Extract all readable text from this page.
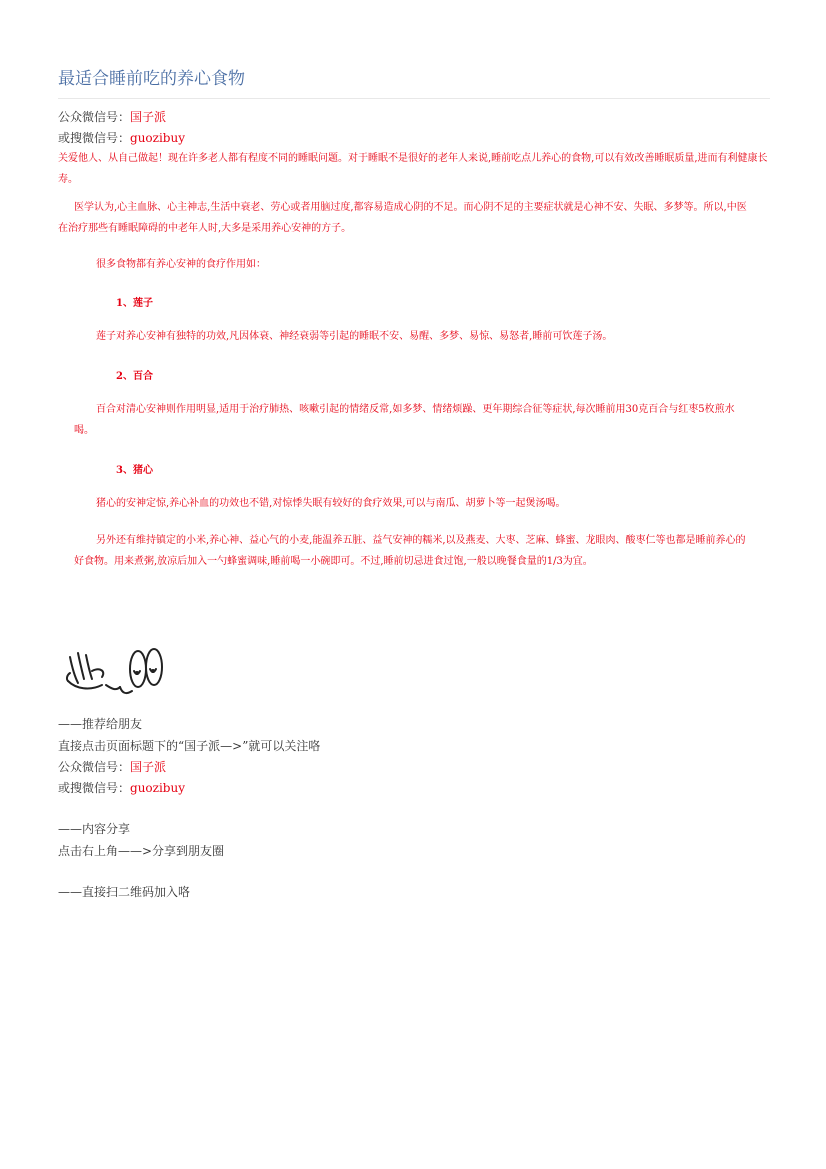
最适合睡前吃的养心食物
公众微信号：国子派
或搜微信号：guozibuy
关爱他人、从自己做起！现在许多老人都有程度不同的睡眠问题。对于睡眠不是很好的老年人来说,睡前吃点儿养心的食物,可以有效改善睡眠质量,进而有利健康长寿。
医学认为,心主血脉、心主神志,生活中衰老、劳心或者用脑过度,都容易造成心阴的不足。而心阴不足的主要症状就是心神不安、失眠、多梦等。所以,中医在治疗那些有睡眠障碍的中老年人时,大多是采用养心安神的方子。
很多食物都有养心安神的食疗作用如：
1、莲子
莲子对养心安神有独特的功效,凡因体衰、神经衰弱等引起的睡眠不安、易醒、多梦、易惊、易怒者,睡前可饮莲子汤。
2、百合
百合对清心安神则作用明显,适用于治疗肺热、咳嗽引起的情绪反常,如多梦、情绪烦躁、更年期综合征等症状,每次睡前用30克百合与红枣5枚煎水喝。
3、猪心
猪心的安神定惊,养心补血的功效也不错,对惊悸失眠有较好的食疗效果,可以与南瓜、胡萝卜等一起煲汤喝。
另外还有维持镇定的小米,养心神、益心气的小麦,能温养五脏、益气安神的糯米,以及燕麦、大枣、芝麻、蜂蜜、龙眼肉、酸枣仁等也都是睡前养心的好食物。用来煮粥,放凉后加入一勺蜂蜜调味,睡前喝一小碗即可。不过,睡前切忌进食过饱,一般以晚餐食量的1/3为宜。
——推荐给朋友
直接点击页面标题下的“国子派—>”就可以关注咯
公众微信号：国子派
或搜微信号：guozibuy
——内容分享
点击右上角——>分享到朋友圈
——直接扫二维码加入咯
